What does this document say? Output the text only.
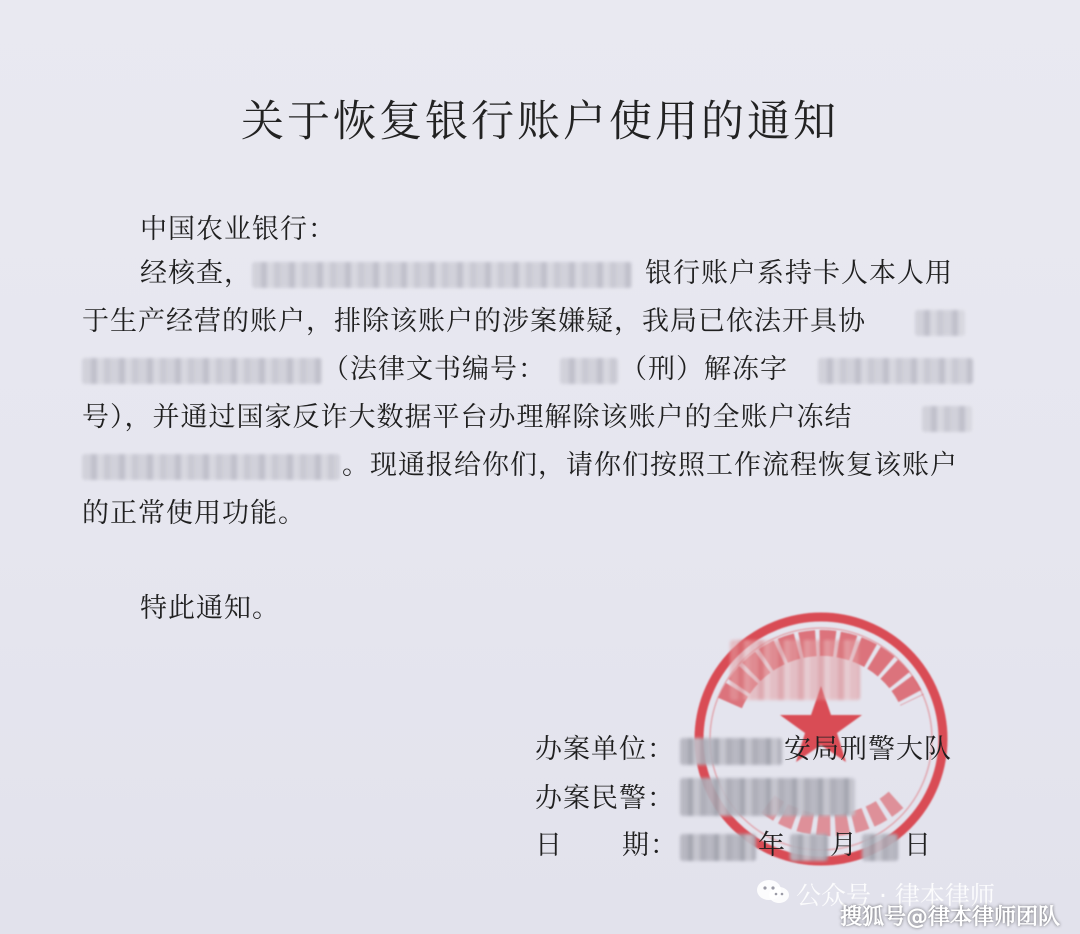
关于恢复银行账户使用的通知
中国农业银行：
经核查，	银行账户系持卡人本人用
于生产经营的账户，排除该账户的涉案嫌疑，我局已依法开具协
（法律文书编号：	（刑）解冻字
号），并通过国家反诈大数据平台办理解除该账户的全账户冻结
。现通报给你们，请你们按照工作流程恢复该账户
的正常使用功能。
特此通知。
办案单位：	安局刑警大队
办案民警：
日 期：	年 月 日
公众号 · 律本律师
搜狐号@律本律师团队
